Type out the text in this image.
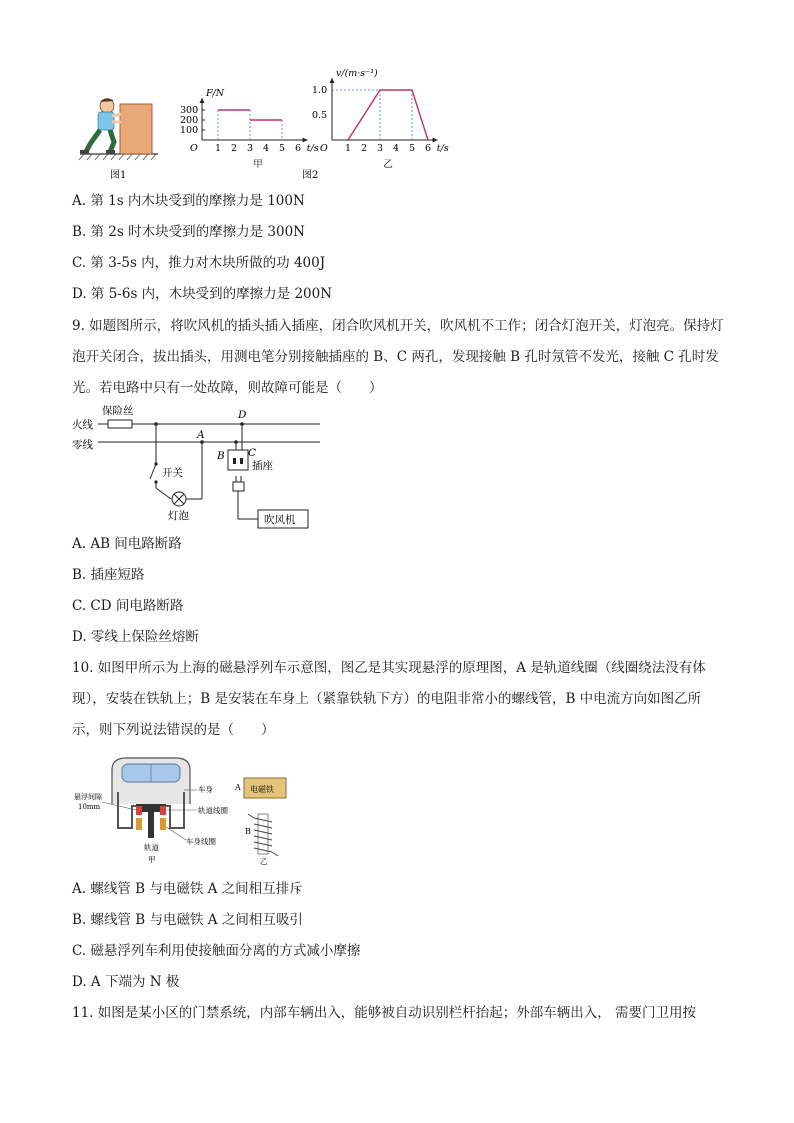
图1
O	t/s
F/N
1 2 3 4 5 6
100
200
300
甲
O	t/s
v/(m·s⁻¹)
1 2 3 4 5 6
0.5
1.0
乙
图2
A. 第 1s 内木块受到的摩擦力是 100N
B. 第 2s 时木块受到的摩擦力是 300N
C. 第 3-5s 内，推力对木块所做的功 400J
D. 第 5-6s 内，木块受到的摩擦力是 200N
9. 如题图所示，将吹风机的插头插入插座，闭合吹风机开关，吹风机不工作；闭合灯泡开关，灯泡亮。保持灯泡开关闭合，拔出插头，用测电笔分别接触插座的 B、C 两孔，发现接触 B 孔时氖管不发光，接触 C 孔时发光。若电路中只有一处故障，则故障可能是（　　）
保险丝
火线
零线
开关
灯泡
A
D
B C
插座
吹风机
A. AB 间电路断路
B. 插座短路
C. CD 间电路断路
D. 零线上保险丝熔断
10. 如图甲所示为上海的磁悬浮列车示意图，图乙是其实现悬浮的原理图，A 是轨道线圈（线圈绕法没有体现），安装在铁轨上；B 是安装在车身上（紧靠铁轨下方）的电阻非常小的螺线管，B 中电流方向如图乙所示，则下列说法错误的是（　　）
悬浮间隙
10mm
车身
轨道线圈
车身线圈
轨道
甲
A 电磁铁
B
乙
A. 螺线管 B 与电磁铁 A 之间相互排斥
B. 螺线管 B 与电磁铁 A 之间相互吸引
C. 磁悬浮列车利用使接触面分离的方式减小摩擦
D. A 下端为 N 极
11. 如图是某小区的门禁系统，内部车辆出入，能够被自动识别栏杆抬起；外部车辆出入， 需要门卫用按
